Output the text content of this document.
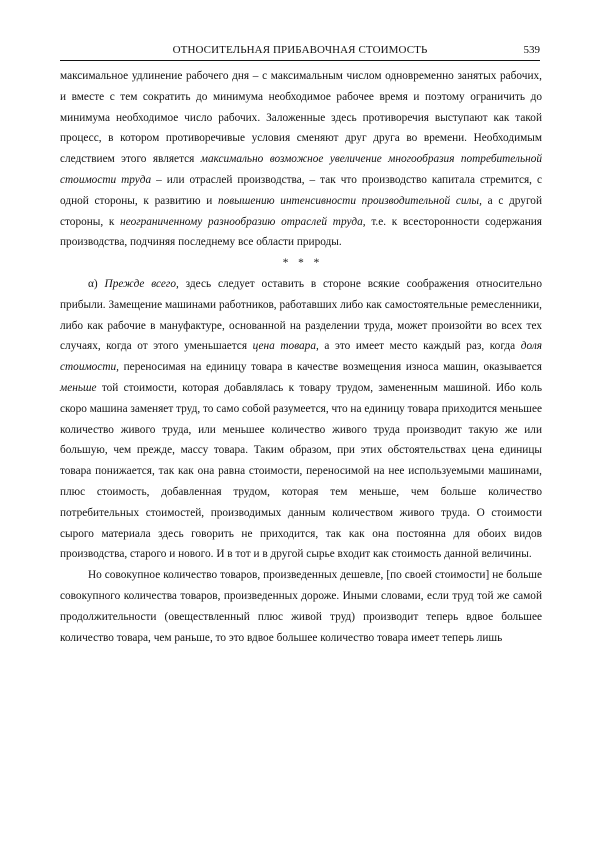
ОТНОСИТЕЛЬНАЯ ПРИБАВОЧНАЯ СТОИМОСТЬ	539

максимальное удлинение рабочего дня – с максимальным числом одновременно занятых рабочих, и вместе с тем сократить до минимума необходимое рабочее время и поэтому ограничить до минимума необходимое число рабочих. Заложенные здесь противоречия выступают как такой процесс, в котором противоречивые условия сменяют друг друга во времени. Необходимым следствием этого является максимально возможное увеличение многообразия потребительной стоимости труда – или отраслей производства, – так что производство капитала стремится, с одной стороны, к развитию и повышению интенсивности производительной силы, а с другой стороны, к неограниченному разнообразию отраслей труда, т.е. к всесторонности содержания производства, подчиняя последнему все области природы.

* * *

α) Прежде всего, здесь следует оставить в стороне всякие соображения относительно прибыли. Замещение машинами работников, работавших либо как самостоятельные ремесленники, либо как рабочие в мануфактуре, основанной на разделении труда, может произойти во всех тех случаях, когда от этого уменьшается цена товара, а это имеет место каждый раз, когда доля стоимости, переносимая на единицу товара в качестве возмещения износа машин, оказывается меньше той стоимости, которая добавлялась к товару трудом, замененным машиной. Ибо коль скоро машина заменяет труд, то само собой разумеется, что на единицу товара приходится меньшее количество живого труда, или меньшее количество живого труда производит такую же или большую, чем прежде, массу товара. Таким образом, при этих обстоятельствах цена единицы товара понижается, так как она равна стоимости, переносимой на нее используемыми машинами, плюс стоимость, добавленная трудом, которая тем меньше, чем больше количество потребительных стоимостей, производимых данным количеством живого труда. О стоимости сырого материала здесь говорить не приходится, так как она постоянна для обоих видов производства, старого и нового. И в тот и в другой сырье входит как стоимость данной величины.

Но совокупное количество товаров, произведенных дешевле, [по своей стоимости] не больше совокупного количества товаров, произведенных дороже. Иными словами, если труд той же самой продолжительности (овеществленный плюс живой труд) производит теперь вдвое большее количество товара, чем раньше, то это вдвое большее количество товара имеет теперь лишь
